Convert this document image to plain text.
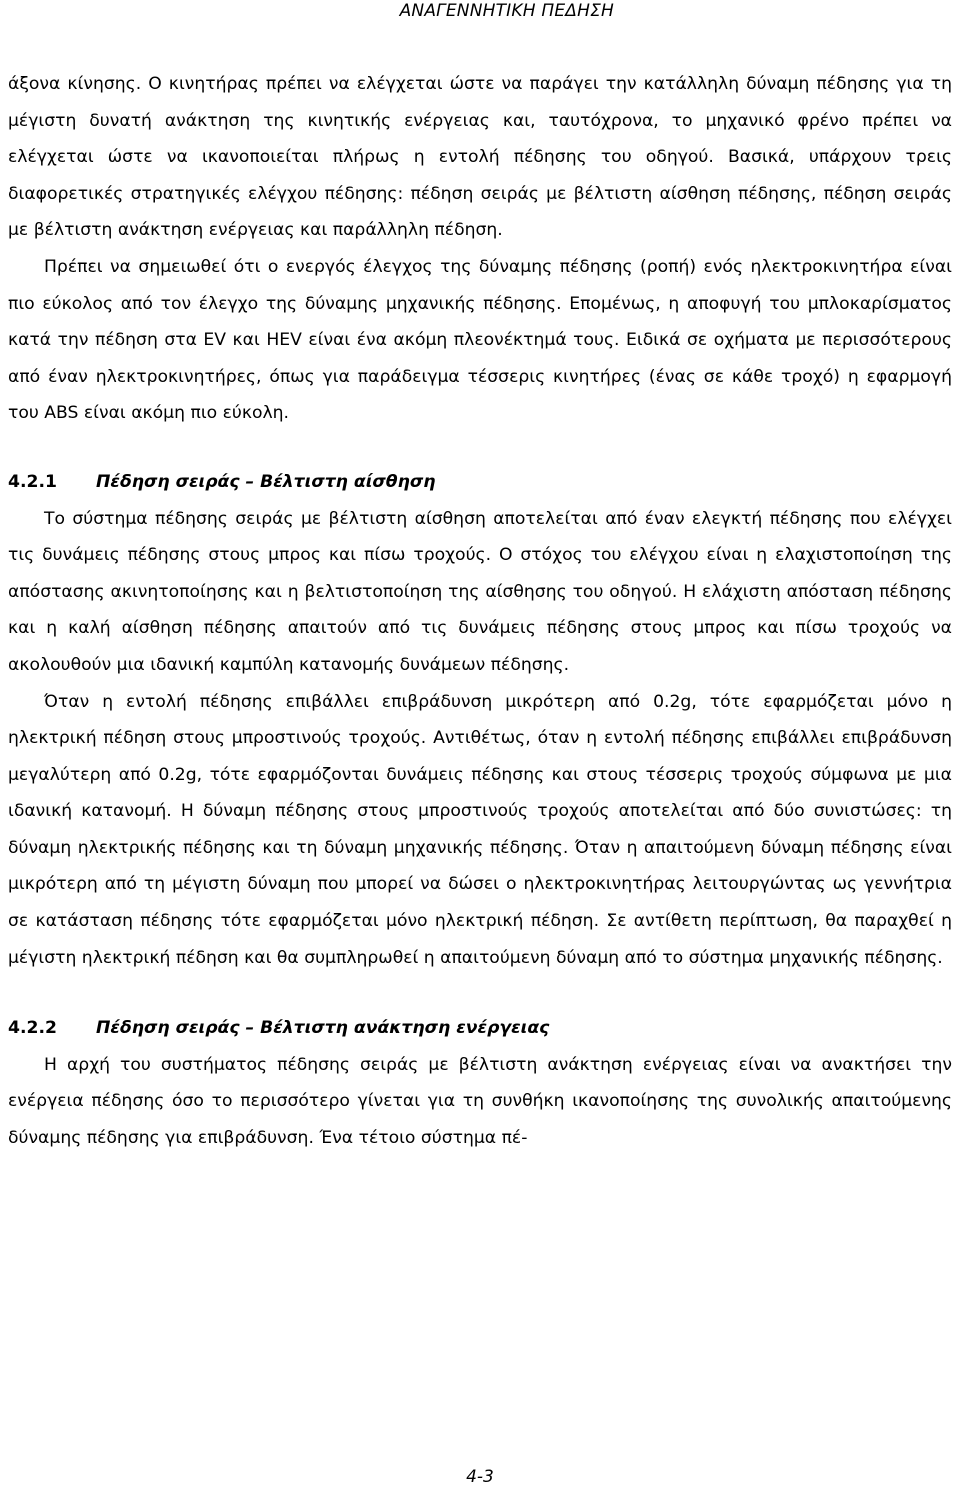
ΑΝΑΓΕΝΝΗΤΙΚΗ ΠΕΔΗΣΗ

άξονα κίνησης. Ο κινητήρας πρέπει να ελέγχεται ώστε να παράγει την κατάλληλη δύναμη πέδησης για τη μέγιστη δυνατή ανάκτηση της κινητικής ενέργειας και, ταυτόχρονα, το μηχανικό φρένο πρέπει να ελέγχεται ώστε να ικανοποιείται πλήρως η εντολή πέδησης του οδηγού. Βασικά, υπάρχουν τρεις διαφορετικές στρατηγικές ελέγχου πέδησης: πέδηση σειράς με βέλτιστη αίσθηση πέδησης, πέδηση σειράς με βέλτιστη ανάκτηση ενέργειας και παράλληλη πέδηση.

Πρέπει να σημειωθεί ότι ο ενεργός έλεγχος της δύναμης πέδησης (ροπή) ενός ηλεκτροκινητήρα είναι πιο εύκολος από τον έλεγχο της δύναμης μηχανικής πέδησης. Επομένως, η αποφυγή του μπλοκαρίσματος κατά την πέδηση στα EV και HEV είναι ένα ακόμη πλεονέκτημά τους. Ειδικά σε οχήματα με περισσότερους από έναν ηλεκτροκινητήρες, όπως για παράδειγμα τέσσερις κινητήρες (ένας σε κάθε τροχό) η εφαρμογή του ABS είναι ακόμη πιο εύκολη.

4.2.1 Πέδηση σειράς – Βέλτιστη αίσθηση

Το σύστημα πέδησης σειράς με βέλτιστη αίσθηση αποτελείται από έναν ελεγκτή πέδησης που ελέγχει τις δυνάμεις πέδησης στους μπρος και πίσω τροχούς. Ο στόχος του ελέγχου είναι η ελαχιστοποίηση της απόστασης ακινητοποίησης και η βελτιστοποίηση της αίσθησης του οδηγού. Η ελάχιστη απόσταση πέδησης και η καλή αίσθηση πέδησης απαιτούν από τις δυνάμεις πέδησης στους μπρος και πίσω τροχούς να ακολουθούν μια ιδανική καμπύλη κατανομής δυνάμεων πέδησης.

Όταν η εντολή πέδησης επιβάλλει επιβράδυνση μικρότερη από 0.2g, τότε εφαρμόζεται μόνο η ηλεκτρική πέδηση στους μπροστινούς τροχούς. Αντιθέτως, όταν η εντολή πέδησης επιβάλλει επιβράδυνση μεγαλύτερη από 0.2g, τότε εφαρμόζονται δυνάμεις πέδησης και στους τέσσερις τροχούς σύμφωνα με μια ιδανική κατανομή. Η δύναμη πέδησης στους μπροστινούς τροχούς αποτελείται από δύο συνιστώσες: τη δύναμη ηλεκτρικής πέδησης και τη δύναμη μηχανικής πέδησης. Όταν η απαιτούμενη δύναμη πέδησης είναι μικρότερη από τη μέγιστη δύναμη που μπορεί να δώσει ο ηλεκτροκινητήρας λειτουργώντας ως γεννήτρια σε κατάσταση πέδησης τότε εφαρμόζεται μόνο ηλεκτρική πέδηση. Σε αντίθετη περίπτωση, θα παραχθεί η μέγιστη ηλεκτρική πέδηση και θα συμπληρωθεί η απαιτούμενη δύναμη από το σύστημα μηχανικής πέδησης.

4.2.2 Πέδηση σειράς – Βέλτιστη ανάκτηση ενέργειας

Η αρχή του συστήματος πέδησης σειράς με βέλτιστη ανάκτηση ενέργειας είναι να ανακτήσει την ενέργεια πέδησης όσο το περισσότερο γίνεται για τη συνθήκη ικανοποίησης της συνολικής απαιτούμενης δύναμης πέδησης για επιβράδυνση. Ένα τέτοιο σύστημα πέ-

4-3
